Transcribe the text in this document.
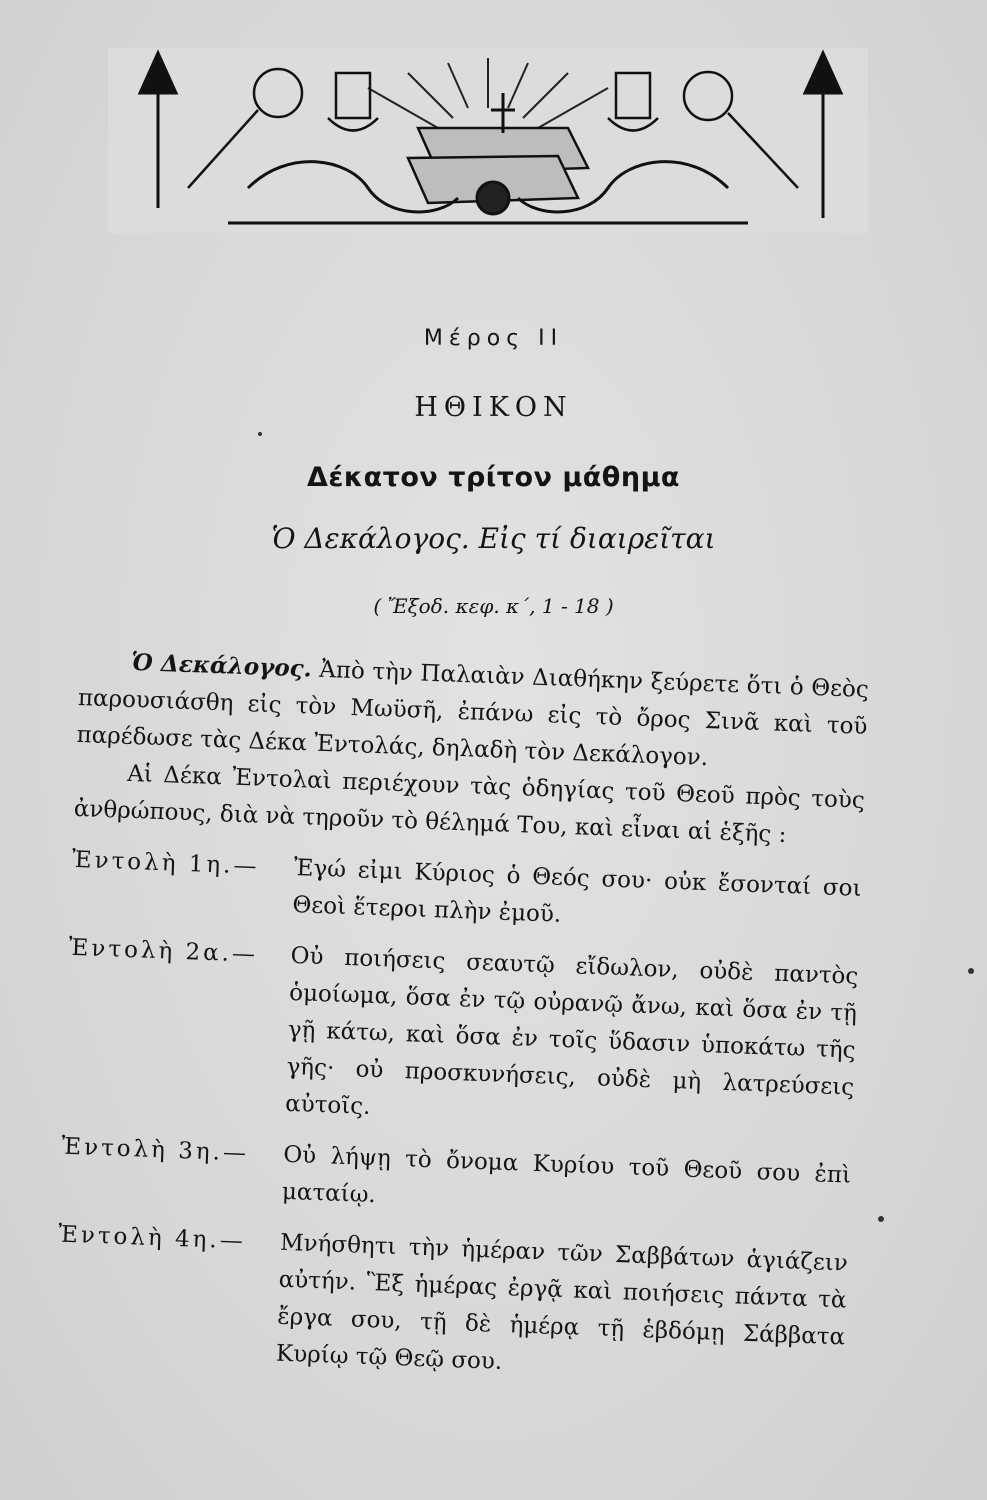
Μέρος ΙΙ
ΗΘΙΚΟΝ
Δέκατον τρίτον μάθημα
Ὁ Δεκάλογος. Εἰς τί διαιρεῖται
( Ἔξοδ. κεφ. κ´, 1 - 18 )

Ὁ Δεκάλογος. Ἀπὸ τὴν Παλαιὰν Διαθήκην ξεύρετε ὅτι ὁ Θεὸς παρουσιάσθη εἰς τὸν Μωϋσῆ, ἐπάνω εἰς τὸ ὄρος Σινᾶ καὶ τοῦ παρέδωσε τὰς Δέκα Ἐντολάς, δηλαδὴ τὸν Δεκάλογον.

Αἱ Δέκα Ἐντολαὶ περιέχουν τὰς ὁδηγίας τοῦ Θεοῦ πρὸς τοὺς ἀνθρώπους, διὰ νὰ τηροῦν τὸ θέλημά Του, καὶ εἶναι αἱ ἑξῆς :

Ἐντολὴ 1η.—	Ἐγώ εἰμι Κύριος ὁ Θεός σου· οὐκ ἔσονταί σοι Θεοὶ ἕτεροι πλὴν ἐμοῦ.
Ἐντολὴ 2α.—	Οὐ ποιήσεις σεαυτῷ εἴδωλον, οὐδὲ παντὸς ὁμοίωμα, ὅσα ἐν τῷ οὐρανῷ ἄνω, καὶ ὅσα ἐν τῇ γῇ κάτω, καὶ ὅσα ἐν τοῖς ὕδασιν ὑποκάτω τῆς γῆς· οὐ προσκυνήσεις, οὐδὲ μὴ λατρεύσεις αὐτοῖς.
Ἐντολὴ 3η.—	Οὐ λήψῃ τὸ ὄνομα Κυρίου τοῦ Θεοῦ σου ἐπὶ ματαίῳ.
Ἐντολὴ 4η.—	Μνήσθητι τὴν ἡμέραν τῶν Σαββάτων ἁγιάζειν αὐτήν. Ἓξ ἡμέρας ἐργᾷ καὶ ποιήσεις πάντα τὰ ἔργα σου, τῇ δὲ ἡμέρᾳ τῇ ἑβδόμῃ Σάββατα Κυρίῳ τῷ Θεῷ σου.
